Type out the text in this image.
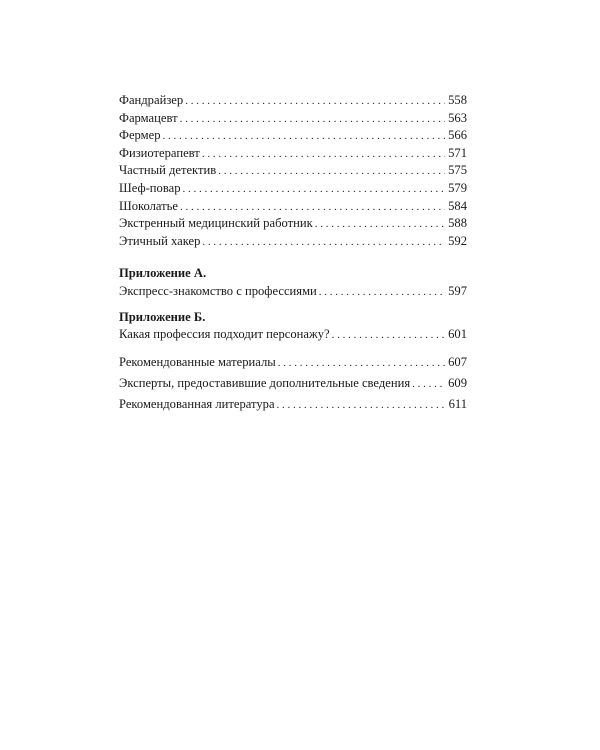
Фандрайзер . . .	558
Фармацевт . . .	563
Фермер . . .	566
Физиотерапевт . . .	571
Частный детектив . . .	575
Шеф-повар . . .	579
Шоколатье . . .	584
Экстренный медицинский работник . . .	588
Этичный хакер . . .	592
Приложение А.
Экспресс-знакомство с профессиями . . .	597
Приложение Б.
Какая профессия подходит персонажу? . . .	601
Рекомендованные материалы . . .	607
Эксперты, предоставившие дополнительные сведения . . .	609
Рекомендованная литература . . .	611
